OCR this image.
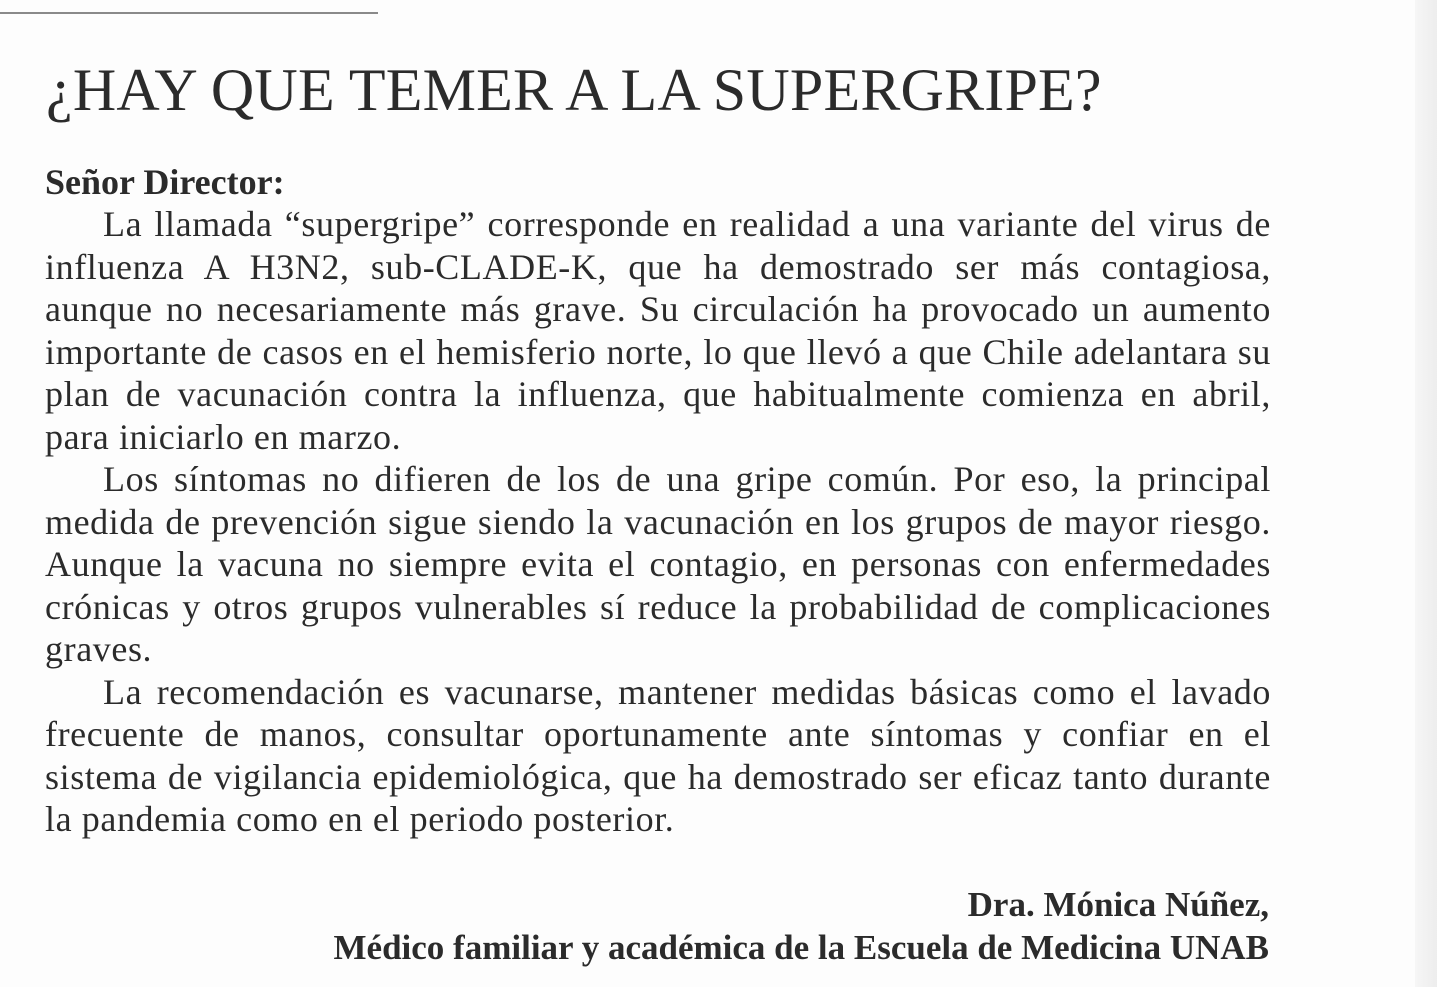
¿HAY QUE TEMER A LA SUPERGRIPE?
Señor Director:

La llamada “supergripe” corresponde en realidad a una variante del virus de influenza A H3N2, sub-CLADE-K, que ha demostrado ser más contagiosa, aunque no necesariamente más grave. Su circulación ha provocado un aumento importante de casos en el hemisferio norte, lo que llevó a que Chile adelantara su plan de vacunación contra la influenza, que habitualmente comienza en abril, para iniciarlo en marzo.

Los síntomas no difieren de los de una gripe común. Por eso, la principal medida de prevención sigue siendo la vacunación en los grupos de mayor riesgo. Aunque la vacuna no siempre evita el contagio, en personas con enfermedades crónicas y otros grupos vulnerables sí reduce la probabilidad de complicaciones graves.

La recomendación es vacunarse, mantener medidas básicas como el lavado frecuente de manos, consultar oportunamente ante síntomas y confiar en el sistema de vigilancia epidemiológica, que ha demostrado ser eficaz tanto durante la pandemia como en el periodo posterior.

Dra. Mónica Núñez,
Médico familiar y académica de la Escuela de Medicina UNAB
